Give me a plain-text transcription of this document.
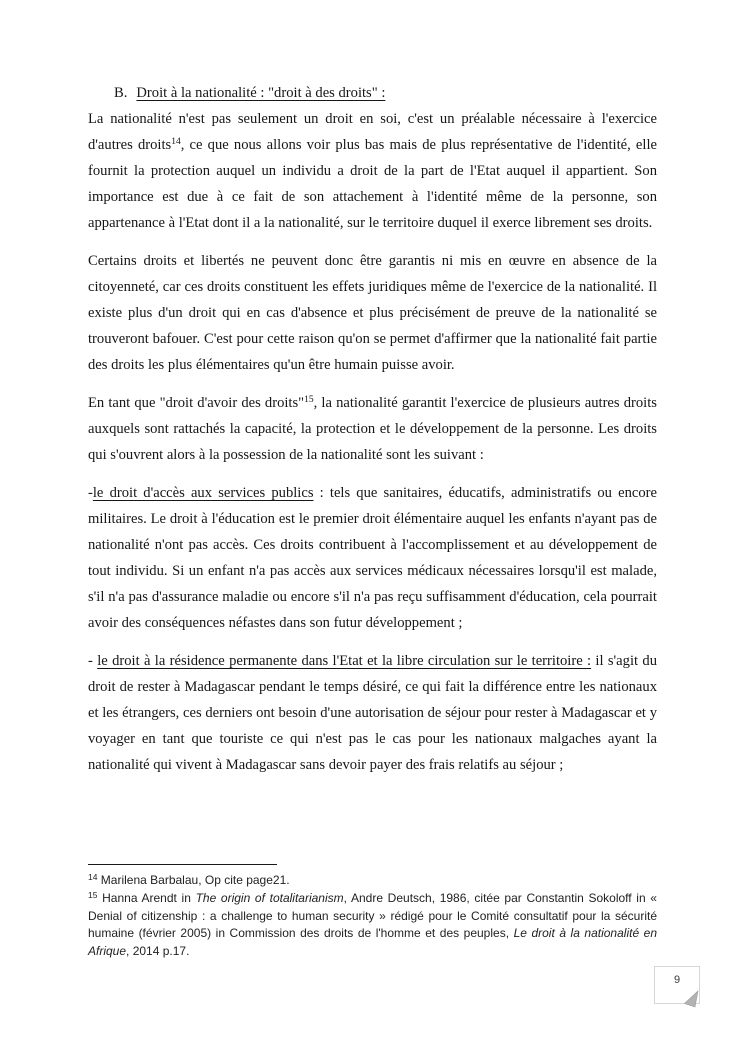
B. Droit à la nationalité : "droit à des droits" :

La nationalité n'est pas seulement un droit en soi, c'est un préalable nécessaire à l'exercice d'autres droits$^{14}$, ce que nous allons voir plus bas mais de plus représentative de l'identité, elle fournit la protection auquel un individu a droit de la part de l'Etat auquel il appartient. Son importance est due à ce fait de son attachement à l'identité même de la personne, son appartenance à l'Etat dont il a la nationalité, sur le territoire duquel il exerce librement ses droits.

Certains droits et libertés ne peuvent donc être garantis ni mis en œuvre en absence de la citoyenneté, car ces droits constituent les effets juridiques même de l'exercice de la nationalité. Il existe plus d'un droit qui en cas d'absence et plus précisément de preuve de la nationalité se trouveront bafouer. C'est pour cette raison qu'on se permet d'affirmer que la nationalité fait partie des droits les plus élémentaires qu'un être humain puisse avoir.

En tant que "droit d'avoir des droits"$^{15}$, la nationalité garantit l'exercice de plusieurs autres droits auxquels sont rattachés la capacité, la protection et le développement de la personne. Les droits qui s'ouvrent alors à la possession de la nationalité sont les suivant :

-le droit d'accès aux services publics : tels que sanitaires, éducatifs, administratifs ou encore militaires. Le droit à l'éducation est le premier droit élémentaire auquel les enfants n'ayant pas de nationalité n'ont pas accès. Ces droits contribuent à l'accomplissement et au développement de tout individu. Si un enfant n'a pas accès aux services médicaux nécessaires lorsqu'il est malade, s'il n'a pas d'assurance maladie ou encore s'il n'a pas reçu suffisamment d'éducation, cela pourrait avoir des conséquences néfastes dans son futur développement ;

- le droit à la résidence permanente dans l'Etat et la libre circulation sur le territoire : il s'agit du droit de rester à Madagascar pendant le temps désiré, ce qui fait la différence entre les nationaux et les étrangers, ces derniers ont besoin d'une autorisation de séjour pour rester à Madagascar et y voyager en tant que touriste ce qui n'est pas le cas pour les nationaux malgaches ayant la nationalité qui vivent à Madagascar sans devoir payer des frais relatifs au séjour ;

$^{14}$ Marilena Barbalau, Op cite page21.

$^{15}$ Hanna Arendt in The origin of totalitarianism, Andre Deutsch, 1986, citée par Constantin Sokoloff in « Denial of citizenship : a challenge to human security » rédigé pour le Comité consultatif pour la sécurité humaine (février 2005) in Commission des droits de l'homme et des peuples, Le droit à la nationalité en Afrique, 2014 p.17.

9
